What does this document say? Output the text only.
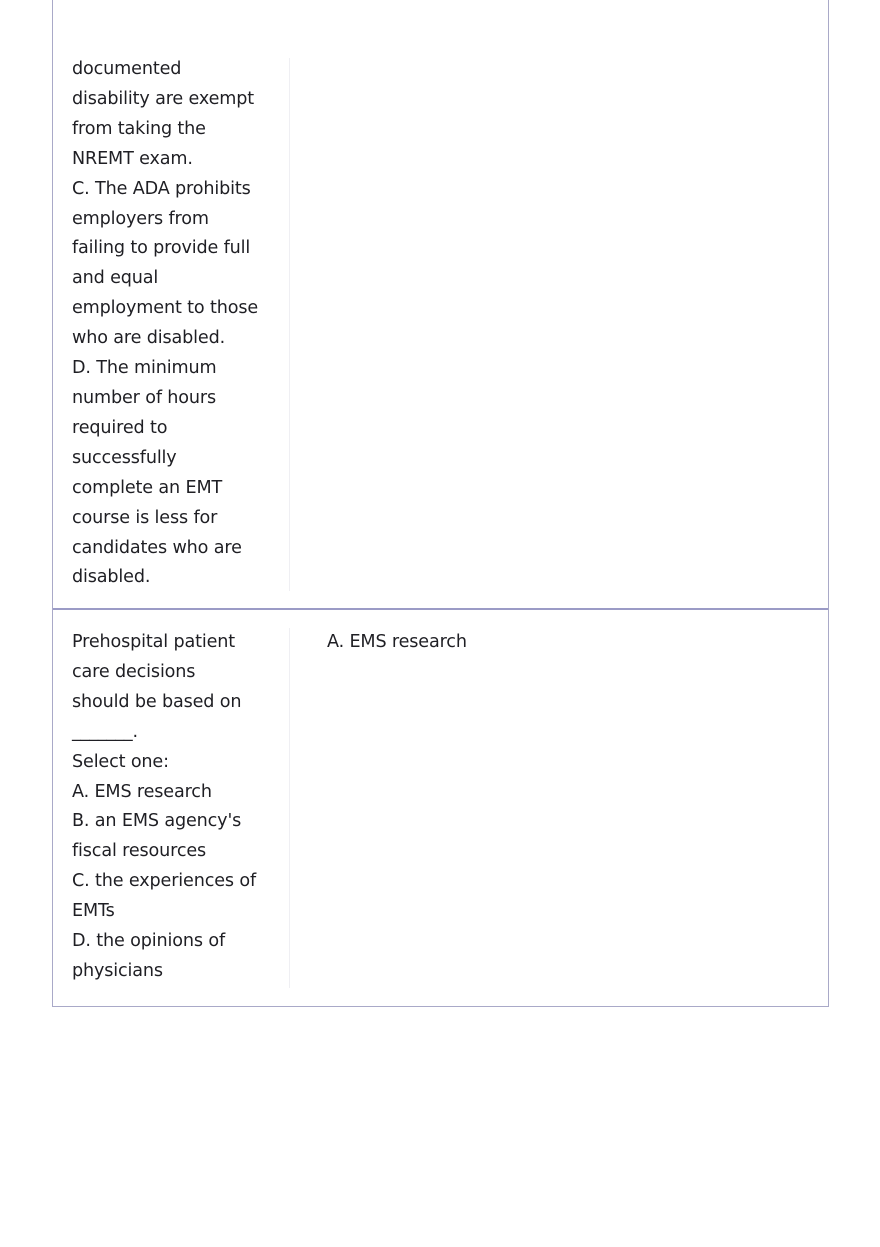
documented
disability are exempt
from taking the
NREMT exam.
C. The ADA prohibits
employers from
failing to provide full
and equal
employment to those
who are disabled.
D. The minimum
number of hours
required to
successfully
complete an EMT
course is less for
candidates who are
disabled.
Prehospital patient
care decisions
should be based on
_______.
Select one:
A. EMS research
B. an EMS agency's
fiscal resources
C. the experiences of
EMTs
D. the opinions of
physicians
A. EMS research
